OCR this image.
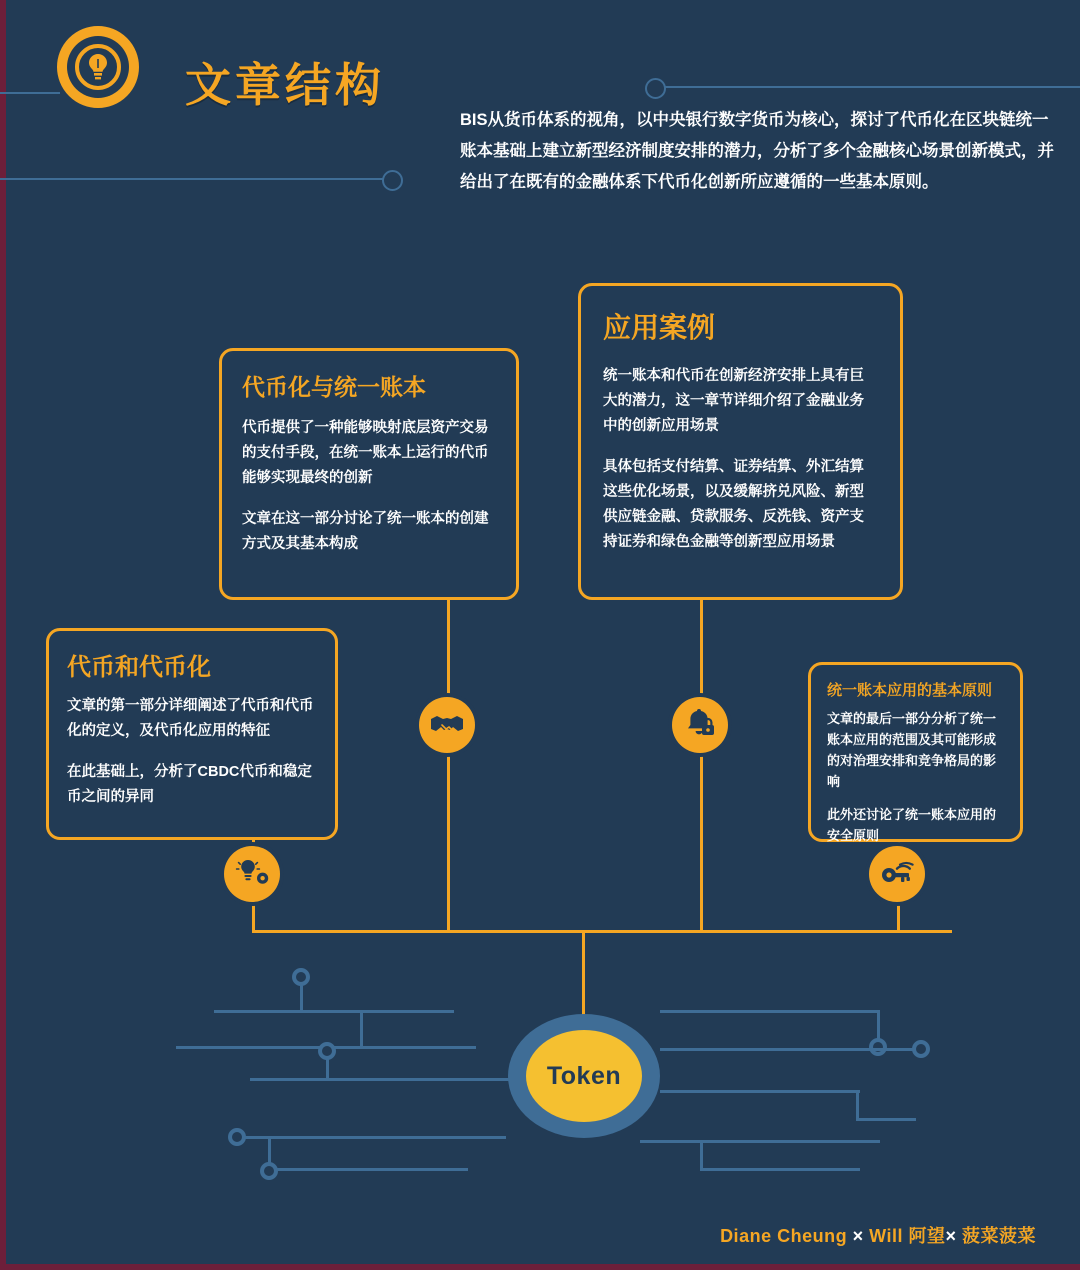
文章结构
BIS从货币体系的视角，以中央银行数字货币为核心，探讨了代币化在区块链统一账本基础上建立新型经济制度安排的潜力，分析了多个金融核心场景创新模式，并给出了在既有的金融体系下代币化创新所应遵循的一些基本原则。
代币化与统一账本

代币提供了一种能够映射底层资产交易的支付手段，在统一账本上运行的代币能够实现最终的创新

文章在这一部分讨论了统一账本的创建方式及其基本构成

应用案例

统一账本和代币在创新经济安排上具有巨大的潜力，这一章节详细介绍了金融业务中的创新应用场景

具体包括支付结算、证券结算、外汇结算这些优化场景，以及缓解挤兑风险、新型供应链金融、贷款服务、反洗钱、资产支持证券和绿色金融等创新型应用场景

代币和代币化

文章的第一部分详细阐述了代币和代币化的定义，及代币化应用的特征

在此基础上，分析了CBDC代币和稳定币之间的异同

统一账本应用的基本原则

文章的最后一部分分析了统一账本应用的范围及其可能形成的对治理安排和竞争格局的影响

此外还讨论了统一账本应用的安全原则

Token
Diane Cheung × Will 阿望× 菠菜菠菜
